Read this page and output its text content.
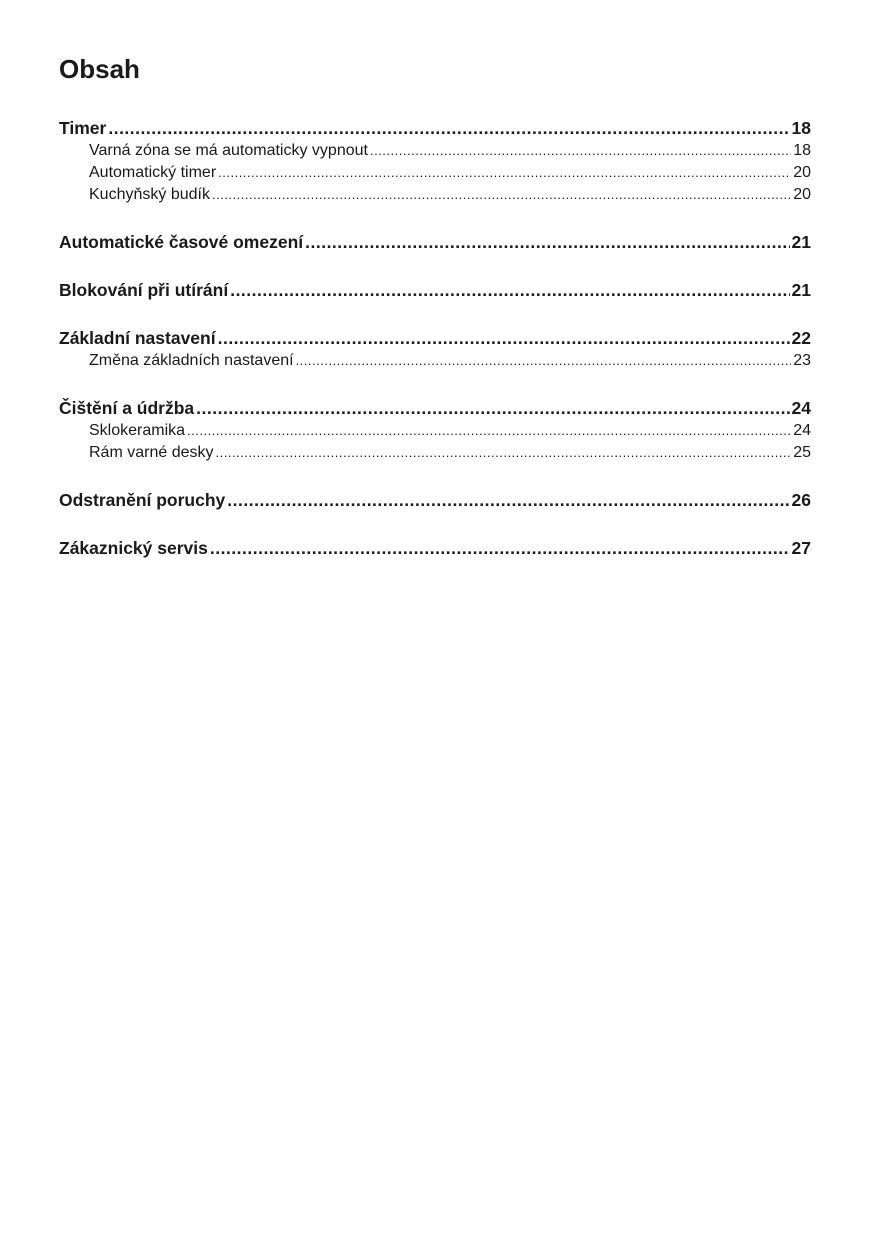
Obsah
Timer .....	18
Varná zóna se má automaticky vypnout .....	18
Automatický timer .....	20
Kuchyňský budík .....	20
Automatické časové omezení .....	21
Blokování při utírání .....	21
Základní nastavení .....	22
Změna základních nastavení .....	23
Čištění a údržba .....	24
Sklokeramika .....	24
Rám varné desky .....	25
Odstranění poruchy .....	26
Zákaznický servis .....	27
